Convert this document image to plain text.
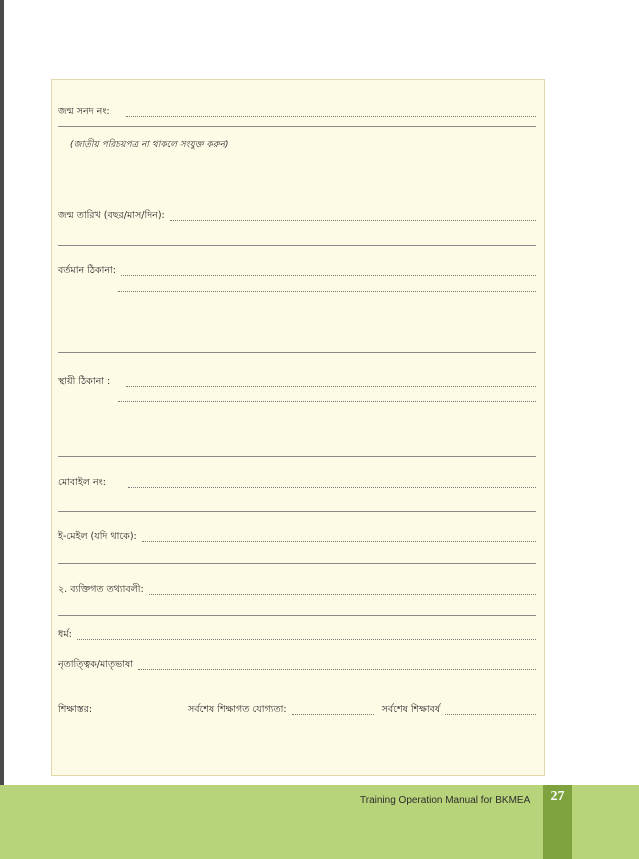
জন্ম সনদ নং:
(জাতীয় পরিচয়পত্র না থাকলে সংযুক্ত করুন)
জন্ম তারিখ (বছর/মাস/দিন):
বর্তমান ঠিকানা:
স্থায়ী ঠিকানা :
মোবাইল নং:
ই-মেইল (যদি থাকে):
২. ব্যক্তিগত তথ্যাবলী:
ধর্ম:
নৃতাত্ত্বিক/মাতৃভাষা
শিক্ষাস্তর:	সর্বশেষ শিক্ষাগত যোগ্যতা:	সর্বশেষ শিক্ষাবর্ষ
Training Operation Manual for BKMEA	27
